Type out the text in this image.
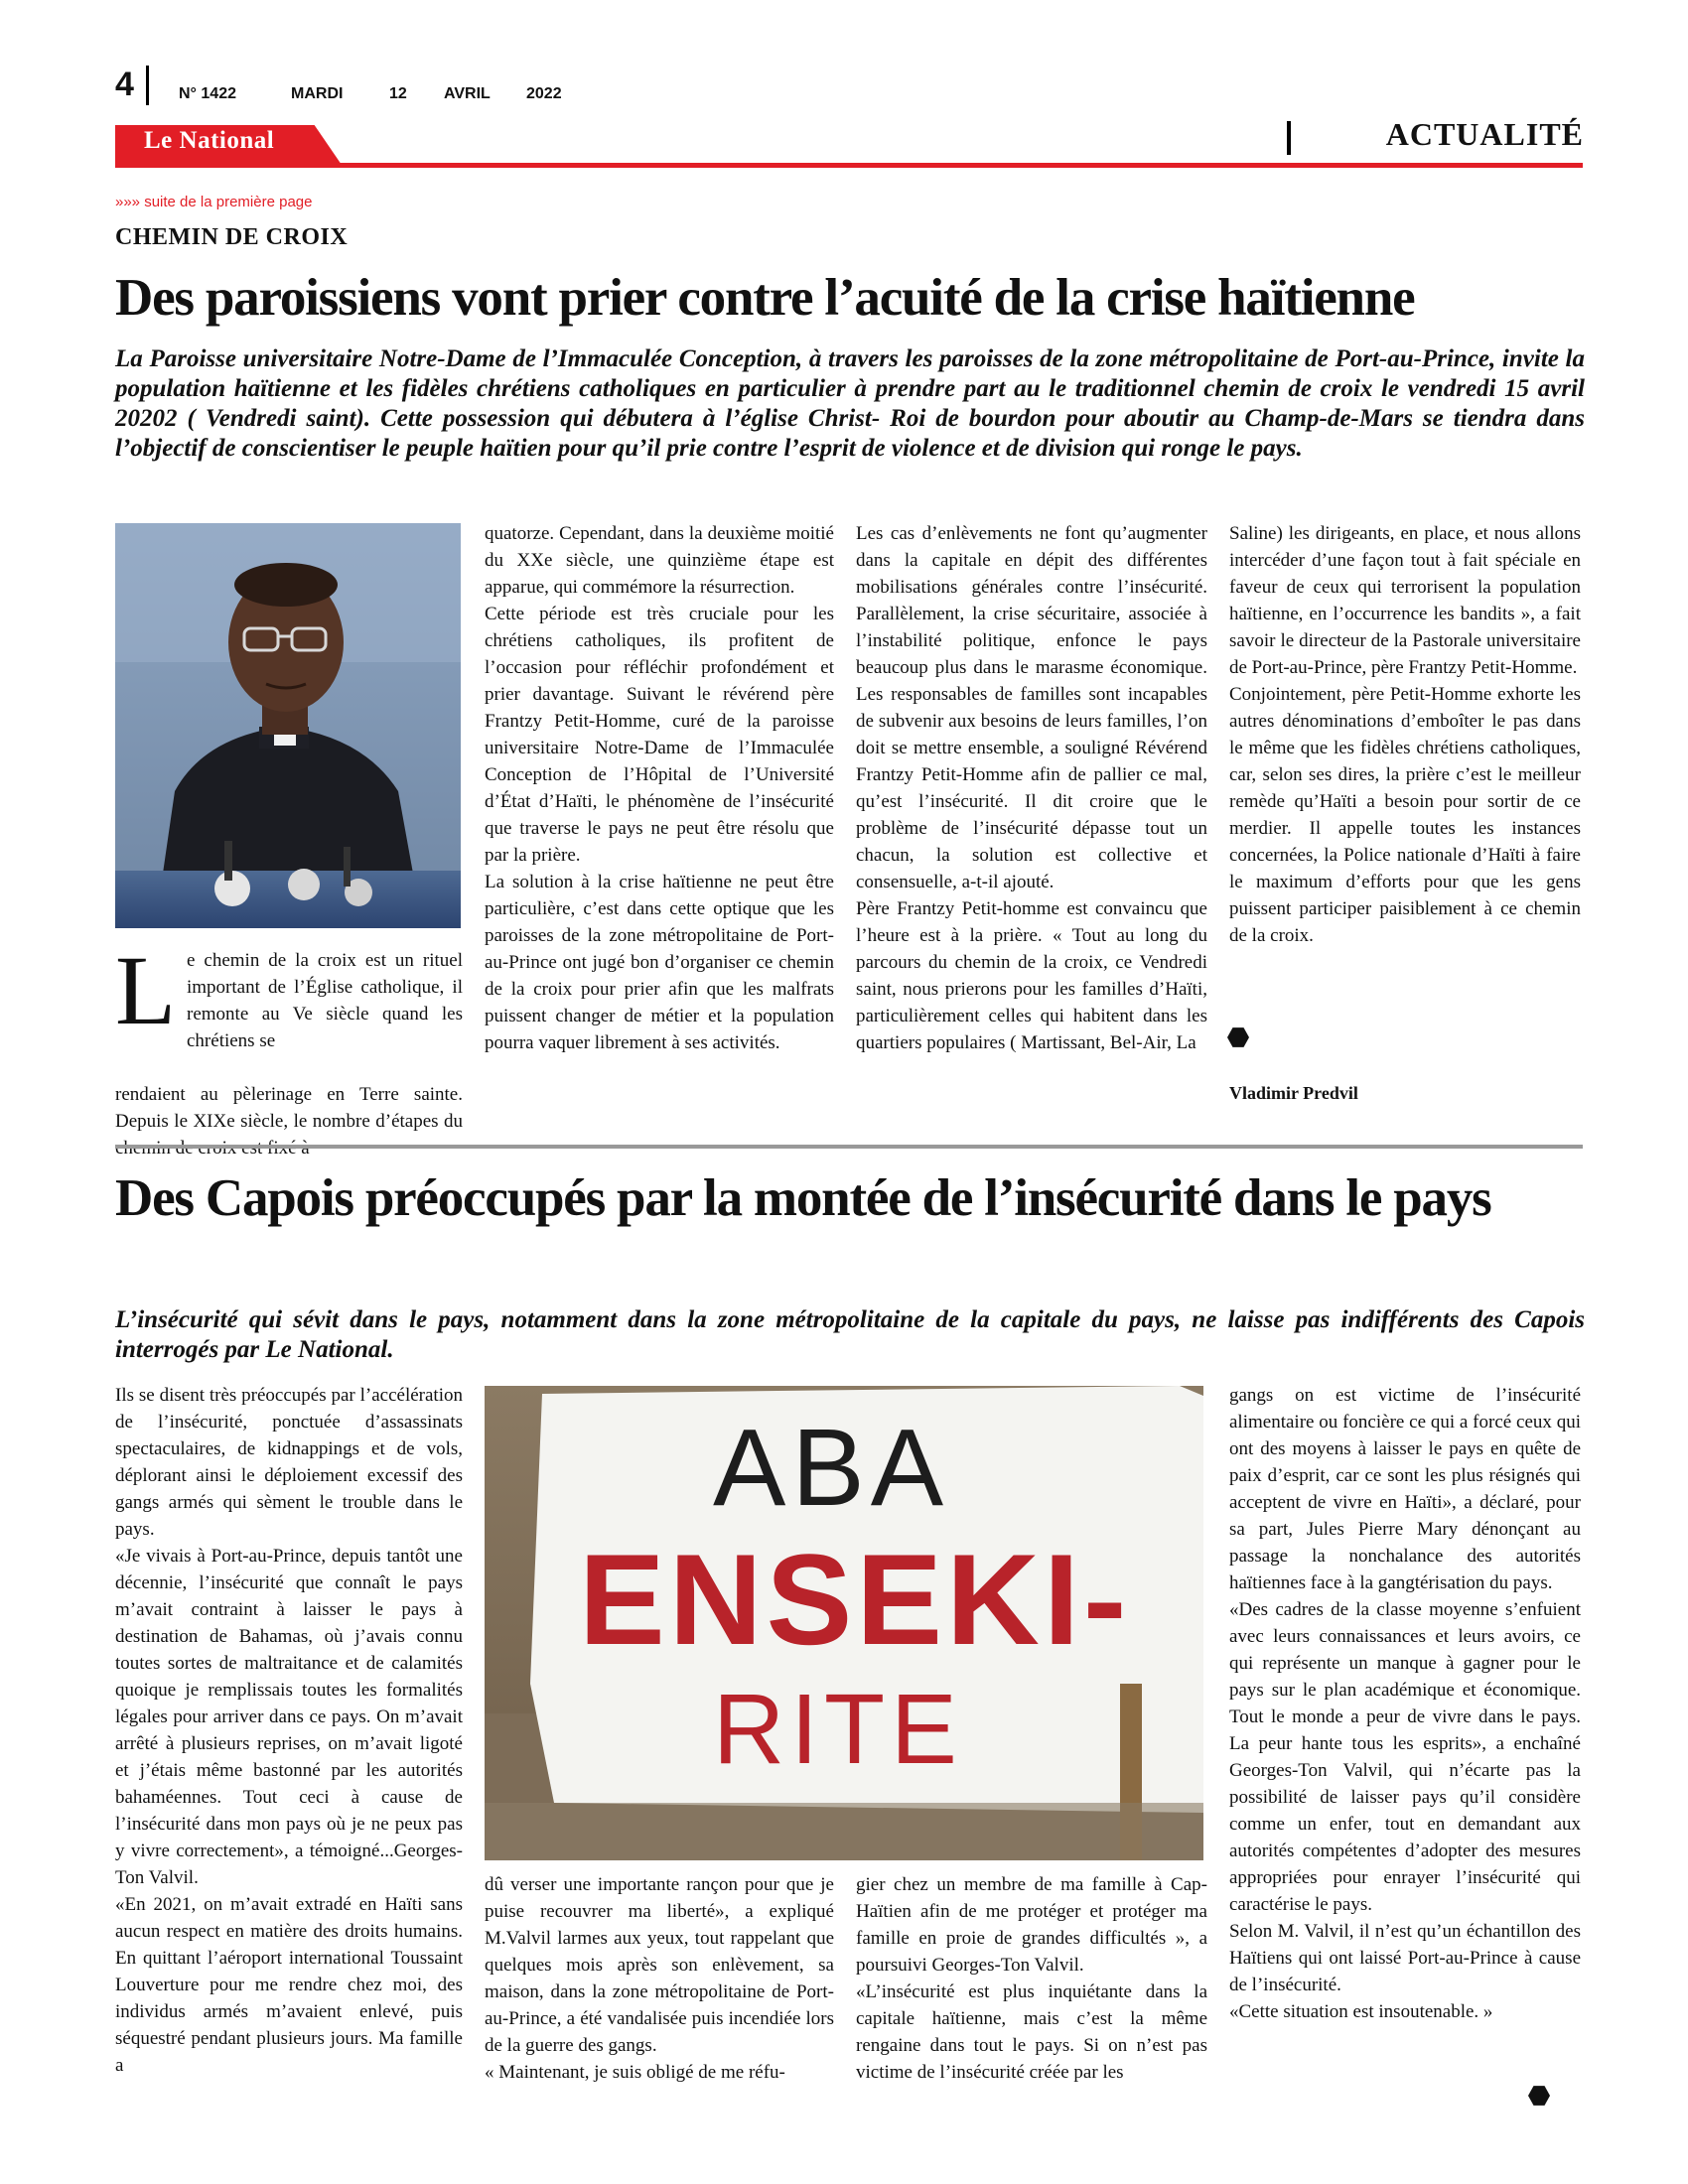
4	N° 1422	MARDI	12 AVRIL 2022
Le National	ACTUALITÉ
»»» suite de la première page
CHEMIN DE CROIX
Des paroissiens vont prier contre l’acuité de la crise haïtienne
La Paroisse universitaire Notre-Dame de l’Immaculée Conception, à travers les paroisses de la zone métropolitaine de Port-au-Prince, invite la population haïtienne et les fidèles chrétiens catholiques en particulier à prendre part au le traditionnel chemin de croix le vendredi 15 avril 20202 ( Vendredi saint). Cette possession qui débutera à l’église Christ- Roi de bourdon pour aboutir au Champ-de-Mars se tiendra dans l’objectif de conscientiser le peuple haïtien pour qu’il prie contre l’esprit de violence et de division qui ronge le pays.
L e chemin de la croix est un rituel important de l’Église catholique, il remonte au Ve siècle quand les chrétiens se

rendaient au pèlerinage en Terre sainte. Depuis le XIXe siècle, le nombre d’étapes du

quatorze. Cependant, dans la deuxième moitié du XXe siècle, une quinzième étape est apparue, qui commémore la résurrection.

Cette période est très cruciale pour les chrétiens catholiques, ils profitent de l’occasion pour réfléchir profondément et prier davantage. Suivant le révérend père Frantzy Petit-Homme, curé de la paroisse universitaire Notre-Dame de l’Immaculée Conception de l’Hôpital de l’Université d’État d’Haïti, le phénomène de l’insécurité que traverse le pays ne peut être résolu que par la prière.

La solution à la crise haïtienne ne peut être particulière, c’est dans cette optique que les paroisses de la zone métropolitaine de Port-au-Prince ont jugé bon d’organiser ce chemin de la croix pour prier afin que les malfrats puissent changer de métier et la population pourra vaquer librement à ses activités.

Les cas d’enlèvements ne font qu’augmenter dans la capitale en dépit des différentes mobilisations générales contre l’insécurité. Parallèlement, la crise sécuritaire, associée à l’instabilité politique, enfonce le pays beaucoup plus dans le marasme économique. Les responsables de familles sont incapables de subvenir aux besoins de leurs familles, l’on doit se mettre ensemble, a souligné Révérend Frantzy Petit-Homme afin de pallier ce mal, qu’est l’insécurité. Il dit croire que le problème de l’insécurité dépasse tout un chacun, la solution est collective et consensuelle, a-t-il ajouté.

Père Frantzy Petit-homme est convaincu que l’heure est à la prière. « Tout au long du parcours du chemin de la croix, ce Vendredi saint, nous prierons pour les familles d’Haïti, particulièrement celles qui habitent dans les quartiers populaires ( Martissant, Bel-Air, La

Saline) les dirigeants, en place, et nous allons intercéder d’une façon tout à fait spéciale en faveur de ceux qui terrorisent la population haïtienne, en l’occurrence les bandits », a fait savoir le directeur de la Pastorale universitaire de Port-au-Prince, père Frantzy Petit-Homme.

Conjointement, père Petit-Homme exhorte les autres dénominations d’emboîter le pas dans le même que les fidèles chrétiens catholiques, car, selon ses dires, la prière c’est le meilleur remède qu’Haïti a besoin pour sortir de ce merdier. Il appelle toutes les instances concernées, la Police nationale d’Haïti à faire le maximum d’efforts pour que les gens puissent participer paisiblement à ce chemin de la croix.

Vladimir Predvil
Des Capois préoccupés par la montée de l’insécurité dans le pays
L’insécurité qui sévit dans le pays, notamment dans la zone métropolitaine de la capitale du pays, ne laisse pas indifférents des Capois interrogés par Le National.

Ils se disent très préoccupés par l’accélération de l’insécurité, ponctuée d’assassinats spectaculaires, de kidnappings et de vols, déplorant ainsi le déploiement excessif des gangs armés qui sèment le trouble dans le pays.

«Je vivais à Port-au-Prince, depuis tantôt une décennie, l’insécurité que connaît le pays m’avait contraint à laisser le pays à destination de Bahamas, où j’avais connu toutes sortes de maltraitance et de calamités quoique je remplissais toutes les formalités légales pour arriver dans ce pays. On m’avait arrêté à plusieurs reprises, on m’avait ligoté et j’étais même bastonné par les autorités bahaméennes. Tout ceci à cause de l’insécurité dans mon pays où je ne peux pas y vivre correctement», a témoigné...Georges-Ton Valvil.

«En 2021, on m’avait extradé en Haïti sans aucun respect en matière des droits humains. En quittant l’aéroport international Toussaint Louverture pour me rendre chez moi, des individus armés m’avaient enlevé, puis séquestré pendant plusieurs jours. Ma famille a

ABA
ENSEKI-
RITE

dû verser une importante rançon pour que je puise recouvrer ma liberté», a expliqué M.Valvil larmes aux yeux, tout rappelant que quelques mois après son enlèvement, sa maison, dans la zone métropolitaine de Port-au-Prince, a été vandalisée puis incendiée lors de la guerre des gangs.

« Maintenant, je suis obligé de me réfu-

gier chez un membre de ma famille à Cap- Haïtien afin de me protéger et protéger ma famille en proie de grandes difficultés », a poursuivi Georges-Ton Valvil.

«L’insécurité est plus inquiétante dans la capitale haïtienne, mais c’est la même rengaine dans tout le pays. Si on n’est pas victime de l’insécurité créée par les

gangs on est victime de l’insécurité alimentaire ou foncière ce qui a forcé ceux qui ont des moyens à laisser le pays en quête de paix d’esprit, car ce sont les plus résignés qui acceptent de vivre en Haïti», a déclaré, pour sa part, Jules Pierre Mary dénonçant au passage la nonchalance des autorités haïtiennes face à la gangtérisation du pays.

«Des cadres de la classe moyenne s’enfuient avec leurs connaissances et leurs avoirs, ce qui représente un manque à gagner pour le pays sur le plan académique et économique. Tout le monde a peur de vivre dans le pays. La peur hante tous les esprits», a enchaîné Georges-Ton Valvil, qui n’écarte pas la possibilité de laisser pays qu’il considère comme un enfer, tout en demandant aux autorités compétentes d’adopter des mesures appropriées pour enrayer l’insécurité qui caractérise le pays.

Selon M. Valvil, il n’est qu’un échantillon des Haïtiens qui ont laissé Port-au-Prince à cause de l’insécurité.

«Cette situation est insoutenable. »
